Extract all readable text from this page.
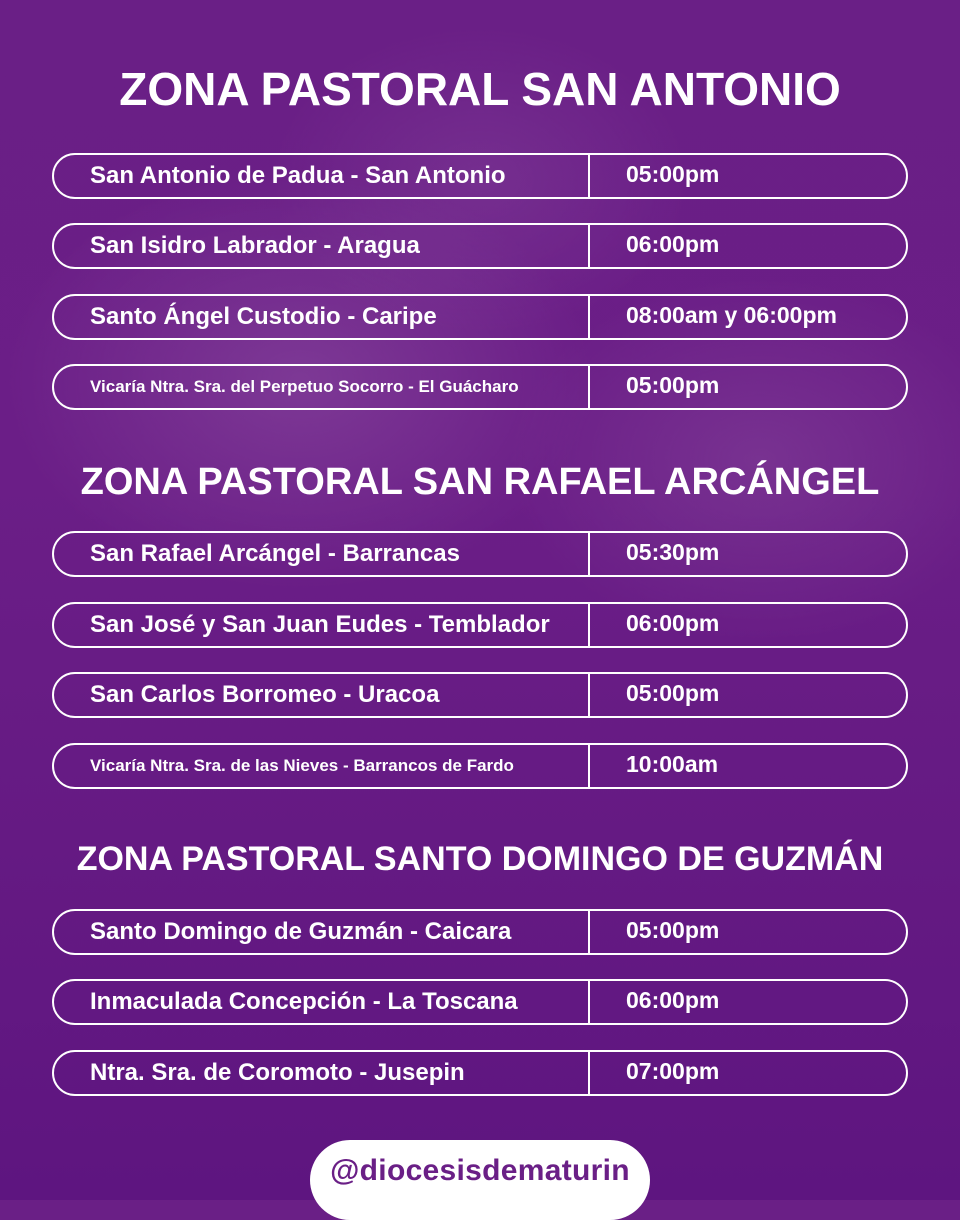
ZONA PASTORAL SAN ANTONIO
San Antonio de Padua - San Antonio	05:00pm
San Isidro Labrador - Aragua	06:00pm
Santo Ángel Custodio - Caripe	08:00am y 06:00pm
Vicaría Ntra. Sra. del Perpetuo Socorro - El Guácharo	05:00pm
ZONA PASTORAL SAN RAFAEL ARCÁNGEL
San Rafael Arcángel - Barrancas	05:30pm
San José y San Juan Eudes - Temblador	06:00pm
San Carlos Borromeo - Uracoa	05:00pm
Vicaría Ntra. Sra. de las Nieves - Barrancos de Fardo	10:00am
ZONA PASTORAL SANTO DOMINGO DE GUZMÁN
Santo Domingo de Guzmán - Caicara	05:00pm
Inmaculada Concepción - La Toscana	06:00pm
Ntra. Sra. de Coromoto - Jusepin	07:00pm
@diocesisdematurin
